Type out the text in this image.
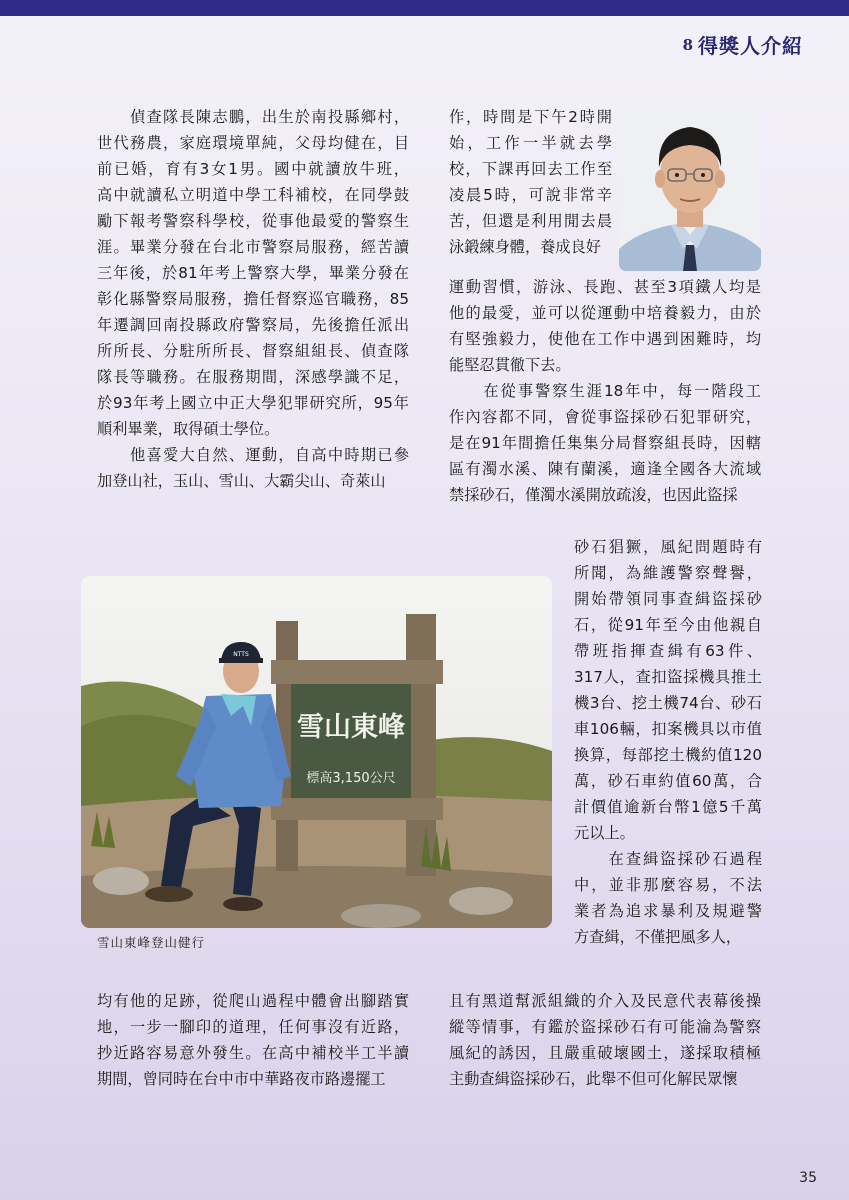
8 得獎人介紹
　　偵查隊長陳志鵬，出生於南投縣鄉村，
世代務農，家庭環境單純，父母均健在，目
前已婚，育有3女1男。國中就讀放牛班，
高中就讀私立明道中學工科補校，在同學鼓
勵下報考警察科學校，從事他最愛的警察生
涯。畢業分發在台北市警察局服務，經苦讀
三年後，於81年考上警察大學，畢業分發在
彰化縣警察局服務，擔任督察巡官職務，85
年遷調回南投縣政府警察局，先後擔任派出
所所長、分駐所所長、督察組組長、偵查隊
隊長等職務。在服務期間，深感學識不足，
於93年考上國立中正大學犯罪研究所，95年
順利畢業，取得碩士學位。
　　他喜愛大自然、運動，自高中時期已參
加登山社，玉山、雪山、大霸尖山、奇萊山
作，時間是下午2時開
始，工作一半就去學
校，下課再回去工作至
凌晨5時，可說非常辛
苦，但還是利用閒去晨
泳鍛練身體，養成良好
運動習慣，游泳、長跑、甚至3項鐵人均是
他的最愛，並可以從運動中培養毅力，由於
有堅強毅力，使他在工作中遇到困難時，均
能堅忍貫徹下去。
　　在從事警察生涯18年中，每一階段工
作內容都不同，會從事盜採砂石犯罪研究，
是在91年間擔任集集分局督察組長時，因轄
區有濁水溪、陳有蘭溪，適逢全國各大流域
禁採砂石，僅濁水溪開放疏浚，也因此盜採
砂石猖獗，風紀問題時有
所聞，為維護警察聲譽，
開始帶領同事查緝盜採砂
石，從91年至今由他親自
帶班指揮查緝有63件、
317人，查扣盜採機具推土
機3台、挖土機74台、砂石
車106輛，扣案機具以市值
換算，每部挖土機約值120
萬，砂石車約值60萬，合
計價值逾新台幣1億5千萬
元以上。
　　在查緝盜採砂石過程
中，並非那麼容易，不法
業者為追求暴利及規避警
方查緝，不僅把風多人，
雪山東峰
標高3,150公尺
NTTS
雪山東峰登山健行
且有黑道幫派組織的介入及民意代表幕後操
縱等情事，有鑑於盜採砂石有可能淪為警察
風紀的誘因，且嚴重破壞國土，遂採取積極
主動查緝盜採砂石，此舉不但可化解民眾懷
均有他的足跡，從爬山過程中體會出腳踏實
地，一步一腳印的道理，任何事沒有近路，
抄近路容易意外發生。在高中補校半工半讀
期間，曾同時在台中市中華路夜市路邊擺工
35
